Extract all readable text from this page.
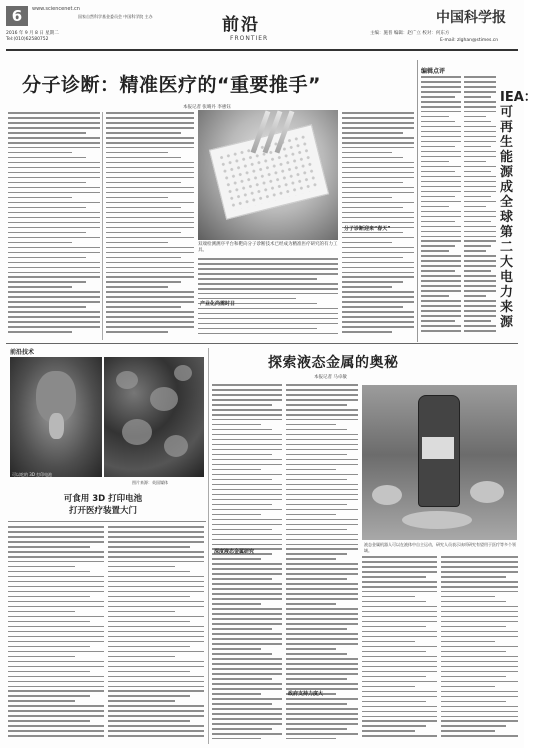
6	www.sciencenet.cn
2016 年 9 月 8 日 星期二
Tel:(010)62580752
国家自然科学基金委员会 中国科学院 主办	前沿
FRONTIER
中国科学报
主编：施普 编辑：赵广立 校对：何东方
E-mail: zlghan@stimes.cn
分子诊断：精准医疗的“重要推手”
本报记者 张晴丹 李惠钰
双端检测测序平台和靶向分子诊断技术已经成为精准医疗研究的有力工具。
分子诊断迎来“春天”
产业化尚需时日
编辑点评
IEA：可再生能源成全球第二大电力来源
前沿技术
可以吃的 3D 打印电池
图片来源：英国媒体
可食用 3D 打印电池
打开医疗装置大门
探索液态金属的奥秘
本报记者 马卓敏
液态金属机器人可以在液体中自主运动，研究人员表示该项研究有望用于医疗等多个领域。
深度液态金属研究
政府支持力度大
